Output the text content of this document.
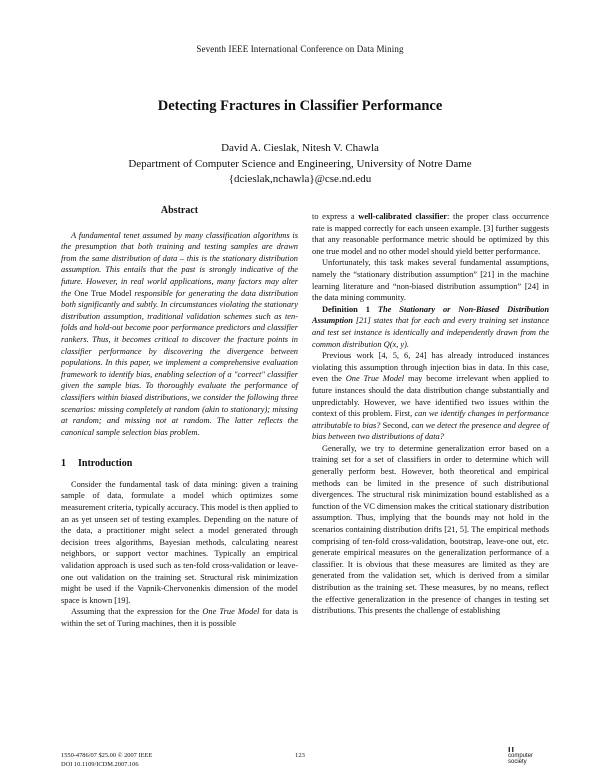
Seventh IEEE International Conference on Data Mining
Detecting Fractures in Classifier Performance
David A. Cieslak, Nitesh V. Chawla
Department of Computer Science and Engineering, University of Notre Dame
{dcieslak,nchawla}@cse.nd.edu
Abstract

A fundamental tenet assumed by many classification algorithms is the presumption that both training and testing samples are drawn from the same distribution of data – this is the stationary distribution assumption. This entails that the past is strongly indicative of the future. However, in real world applications, many factors may alter the One True Model responsible for generating the data distribution both significantly and subtly. In circumstances violating the stationary distribution assumption, traditional validation schemes such as ten-folds and hold-out become poor performance predictors and classifier rankers. Thus, it becomes critical to discover the fracture points in classifier performance by discovering the divergence between populations. In this paper, we implement a comprehensive evaluation framework to identify bias, enabling selection of a "correct" classifier given the sample bias. To thoroughly evaluate the performance of classifiers within biased distributions, we consider the following three scenarios: missing completely at random (akin to stationary); missing at random; and missing not at random. The latter reflects the canonical sample selection bias problem.

1 Introduction

Consider the fundamental task of data mining: given a training sample of data, formulate a model which optimizes some measurement criteria, typically accuracy. This model is then applied to an as yet unseen set of testing examples. Depending on the nature of the data, a practitioner might select a model generated through decision trees algorithms, Bayesian methods, calculating nearest neighbors, or support vector machines. Typically an empirical validation approach is used such as ten-fold cross-validation or leave-one out validation on the training set. Structural risk minimization might be used if the Vapnik-Chervonenkis dimension of the model space is known [19].

Assuming that the expression for the One True Model for data is within the set of Turing machines, then it is possible

to express a well-calibrated classifier: the proper class occurrence rate is mapped correctly for each unseen example. [3] further suggests that any reasonable performance metric should be optimized by this one true model and no other model should yield better performance.

Unfortunately, this task makes several fundamental assumptions, namely the “stationary distribution assumption” [21] in the machine learning literature and “non-biased distribution assumption” [24] in the data mining community.

Definition 1 The Stationary or Non-Biased Distribution Assumption [21] states that for each and every training set instance and test set instance is identically and independently drawn from the common distribution Q(x, y).

Previous work [4, 5, 6, 24] has already introduced instances violating this assumption through injection bias in data. In this case, even the One True Model may become irrelevant when applied to future instances should the data distribution change substantially and unpredictably. However, we have identified two issues within the context of this problem. First, can we identify changes in performance attributable to bias? Second, can we detect the presence and degree of bias between two distributions of data?

Generally, we try to determine generalization error based on a training set for a set of classifiers in order to determine which will generally perform best. However, both theoretical and empirical methods can be limited in the presence of such distributional divergences. The structural risk minimization bound established as a function of the VC dimension makes the critical stationary distribution assumption. Thus, implying that the bounds may not hold in the scenarios containing distribution drifts [21, 5]. The empirical methods comprising of ten-fold cross-validation, bootstrap, leave-one out, etc. generate empirical measures on the generalization performance of a classifier. It is obvious that these measures are limited as they are generated from the validation set, which is derived from a similar distribution as the training set. These measures, by no means, reflect the effective generalization in the presence of changes in testing set distributions. This presents the challenge of establishing

1550-4786/07 $25.00 © 2007 IEEE
DOI 10.1109/ICDM.2007.106
123
ıı
computer
society
